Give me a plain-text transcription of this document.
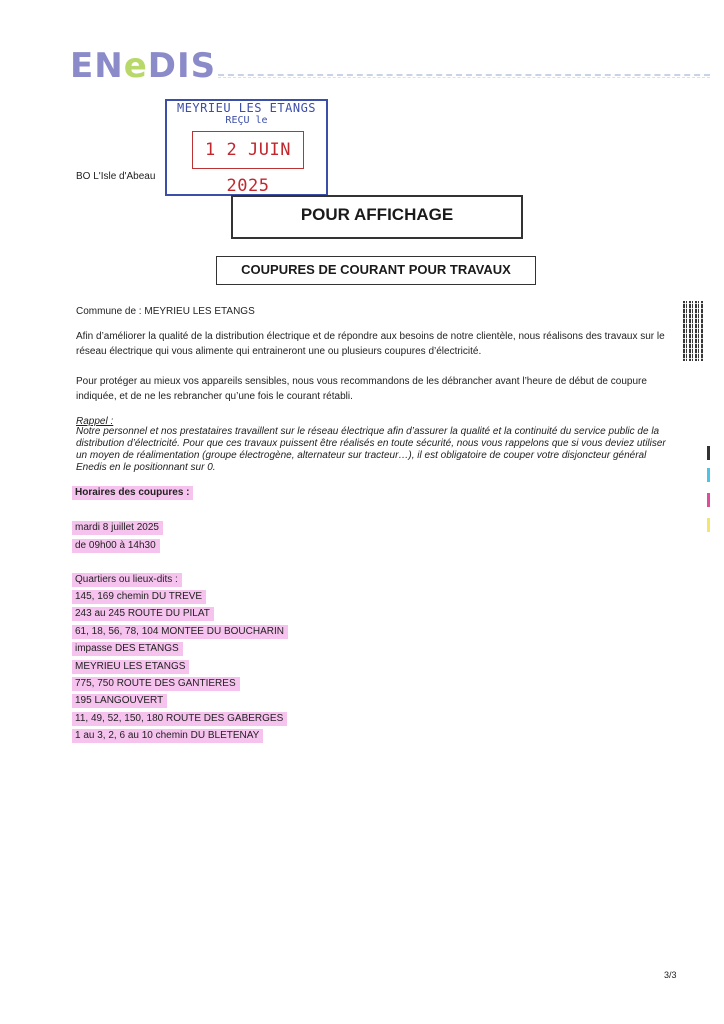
ENeDIS
MEYRIEU LES ETANGS
REÇU le
1 2 JUIN 2025
BO L'Isle d'Abeau
POUR AFFICHAGE
COUPURES DE COURANT POUR TRAVAUX
Commune de : MEYRIEU LES ETANGS
Afin d’améliorer la qualité de la distribution électrique et de répondre aux besoins de notre clientèle, nous réalisons des travaux sur le réseau électrique qui vous alimente qui entraineront une ou plusieurs coupures d’électricité.
Pour protéger au mieux vos appareils sensibles, nous vous recommandons de les débrancher avant l’heure de début de coupure indiquée, et de ne les rebrancher qu’une fois le courant rétabli.
Rappel :
Notre personnel et nos prestataires travaillent sur le réseau électrique afin d’assurer la qualité et la continuité du service public de la distribution d’électricité. Pour que ces travaux puissent être réalisés en toute sécurité, nous vous rappelons que si vous deviez utiliser un moyen de réalimentation (groupe électrogène, alternateur sur tracteur…), il est obligatoire de couper votre disjoncteur général Enedis en le positionnant sur 0.
Horaires des coupures :
mardi 8 juillet 2025
de 09h00 à 14h30
Quartiers ou lieux-dits :
145, 169 chemin DU TREVE
243 au 245 ROUTE DU PILAT
61, 18, 56, 78, 104 MONTEE DU BOUCHARIN
impasse DES ETANGS
MEYRIEU LES ETANGS
775, 750 ROUTE DES GANTIERES
195 LANGOUVERT
11, 49, 52, 150, 180 ROUTE DES GABERGES
1 au 3, 2, 6 au 10 chemin DU BLETENAY
3/3
